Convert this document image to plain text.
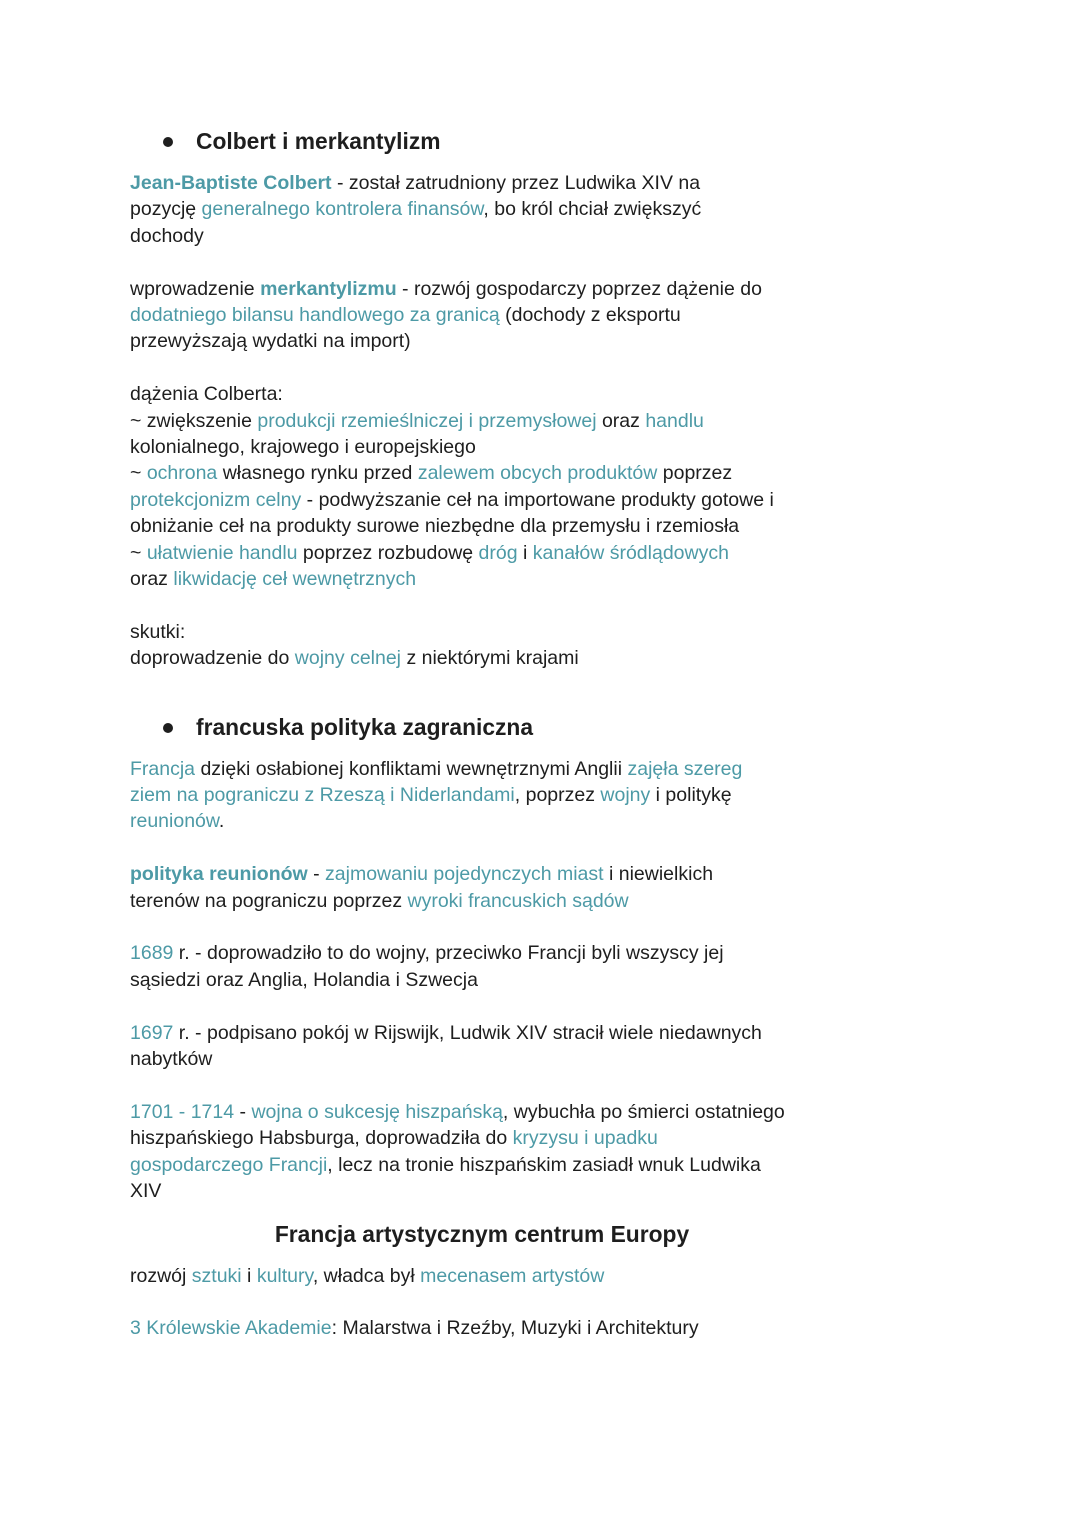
Colbert i merkantylizm

Jean-Baptiste Colbert - został zatrudniony przez Ludwika XIV na pozycję generalnego kontrolera finansów, bo król chciał zwiększyć dochody

wprowadzenie merkantylizmu - rozwój gospodarczy poprzez dążenie do dodatniego bilansu handlowego za granicą (dochody z eksportu przewyższają wydatki na import)

dążenia Colberta:

~ zwiększenie produkcji rzemieślniczej i przemysłowej oraz handlu kolonialnego, krajowego i europejskiego

~ ochrona własnego rynku przed zalewem obcych produktów poprzez protekcjonizm celny - podwyższanie ceł na importowane produkty gotowe i obniżanie ceł na produkty surowe niezbędne dla przemysłu i rzemiosła

~ ułatwienie handlu poprzez rozbudowę dróg i kanałów śródlądowych oraz likwidację ceł wewnętrznych

skutki:

doprowadzenie do wojny celnej z niektórymi krajami

francuska polityka zagraniczna

Francja dzięki osłabionej konfliktami wewnętrznymi Anglii zajęła szereg ziem na pograniczu z Rzeszą i Niderlandami, poprzez wojny i politykę reunionów.

polityka reunionów - zajmowaniu pojedynczych miast i niewielkich terenów na pograniczu poprzez wyroki francuskich sądów

1689 r. - doprowadziło to do wojny, przeciwko Francji byli wszyscy jej sąsiedzi oraz Anglia, Holandia i Szwecja

1697 r. - podpisano pokój w Rijswijk, Ludwik XIV stracił wiele niedawnych nabytków

1701 - 1714 - wojna o sukcesję hiszpańską, wybuchła po śmierci ostatniego hiszpańskiego Habsburga, doprowadziła do kryzysu i upadku gospodarczego Francji, lecz na tronie hiszpańskim zasiadł wnuk Ludwika XIV

Francja artystycznym centrum Europy

rozwój sztuki i kultury, władca był mecenasem artystów

3 Królewskie Akademie: Malarstwa i Rzeźby, Muzyki i Architektury
